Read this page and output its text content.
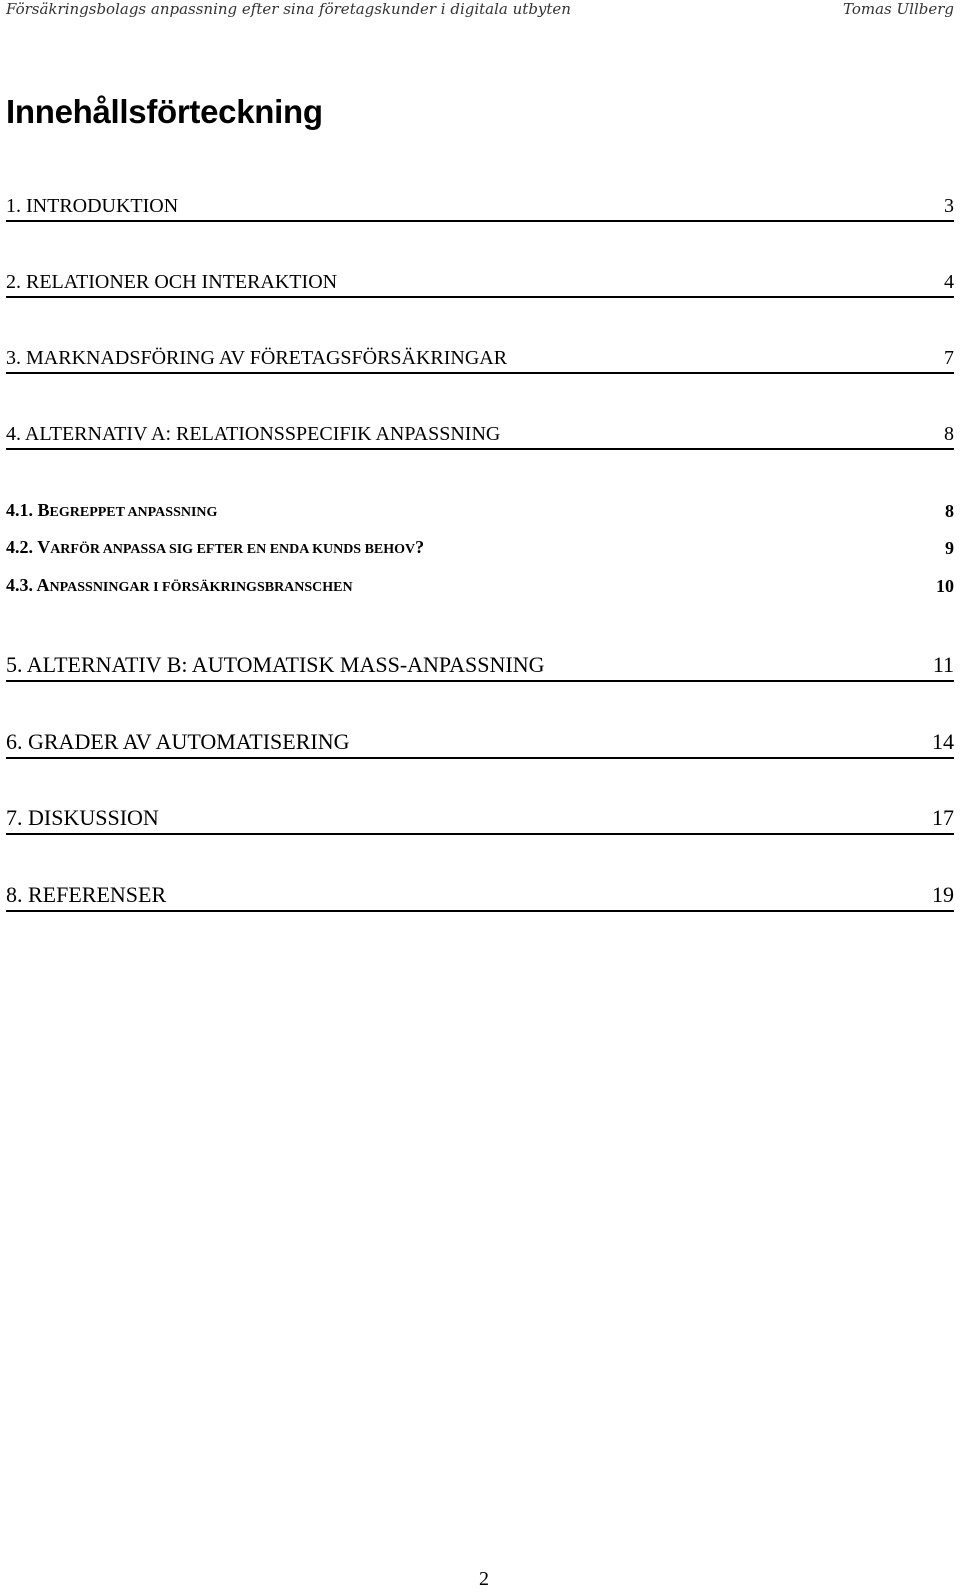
Försäkringsbolags anpassning efter sina företagskunder i digitala utbyten	Tomas Ullberg
Innehållsförteckning
1. INTRODUKTION	3
2. RELATIONER OCH INTERAKTION	4
3. MARKNADSFÖRING AV FÖRETAGSFÖRSÄKRINGAR	7
4. ALTERNATIV A: RELATIONSSPECIFIK ANPASSNING	8
4.1. BEGREPPET ANPASSNING	8
4.2. VARFÖR ANPASSA SIG EFTER EN ENDA KUNDS BEHOV?	9
4.3. ANPASSNINGAR I FÖRSÄKRINGSBRANSCHEN	10
5. ALTERNATIV B: AUTOMATISK MASS-ANPASSNING	11
6. GRADER AV AUTOMATISERING	14
7. DISKUSSION	17
8. REFERENSER	19
2
